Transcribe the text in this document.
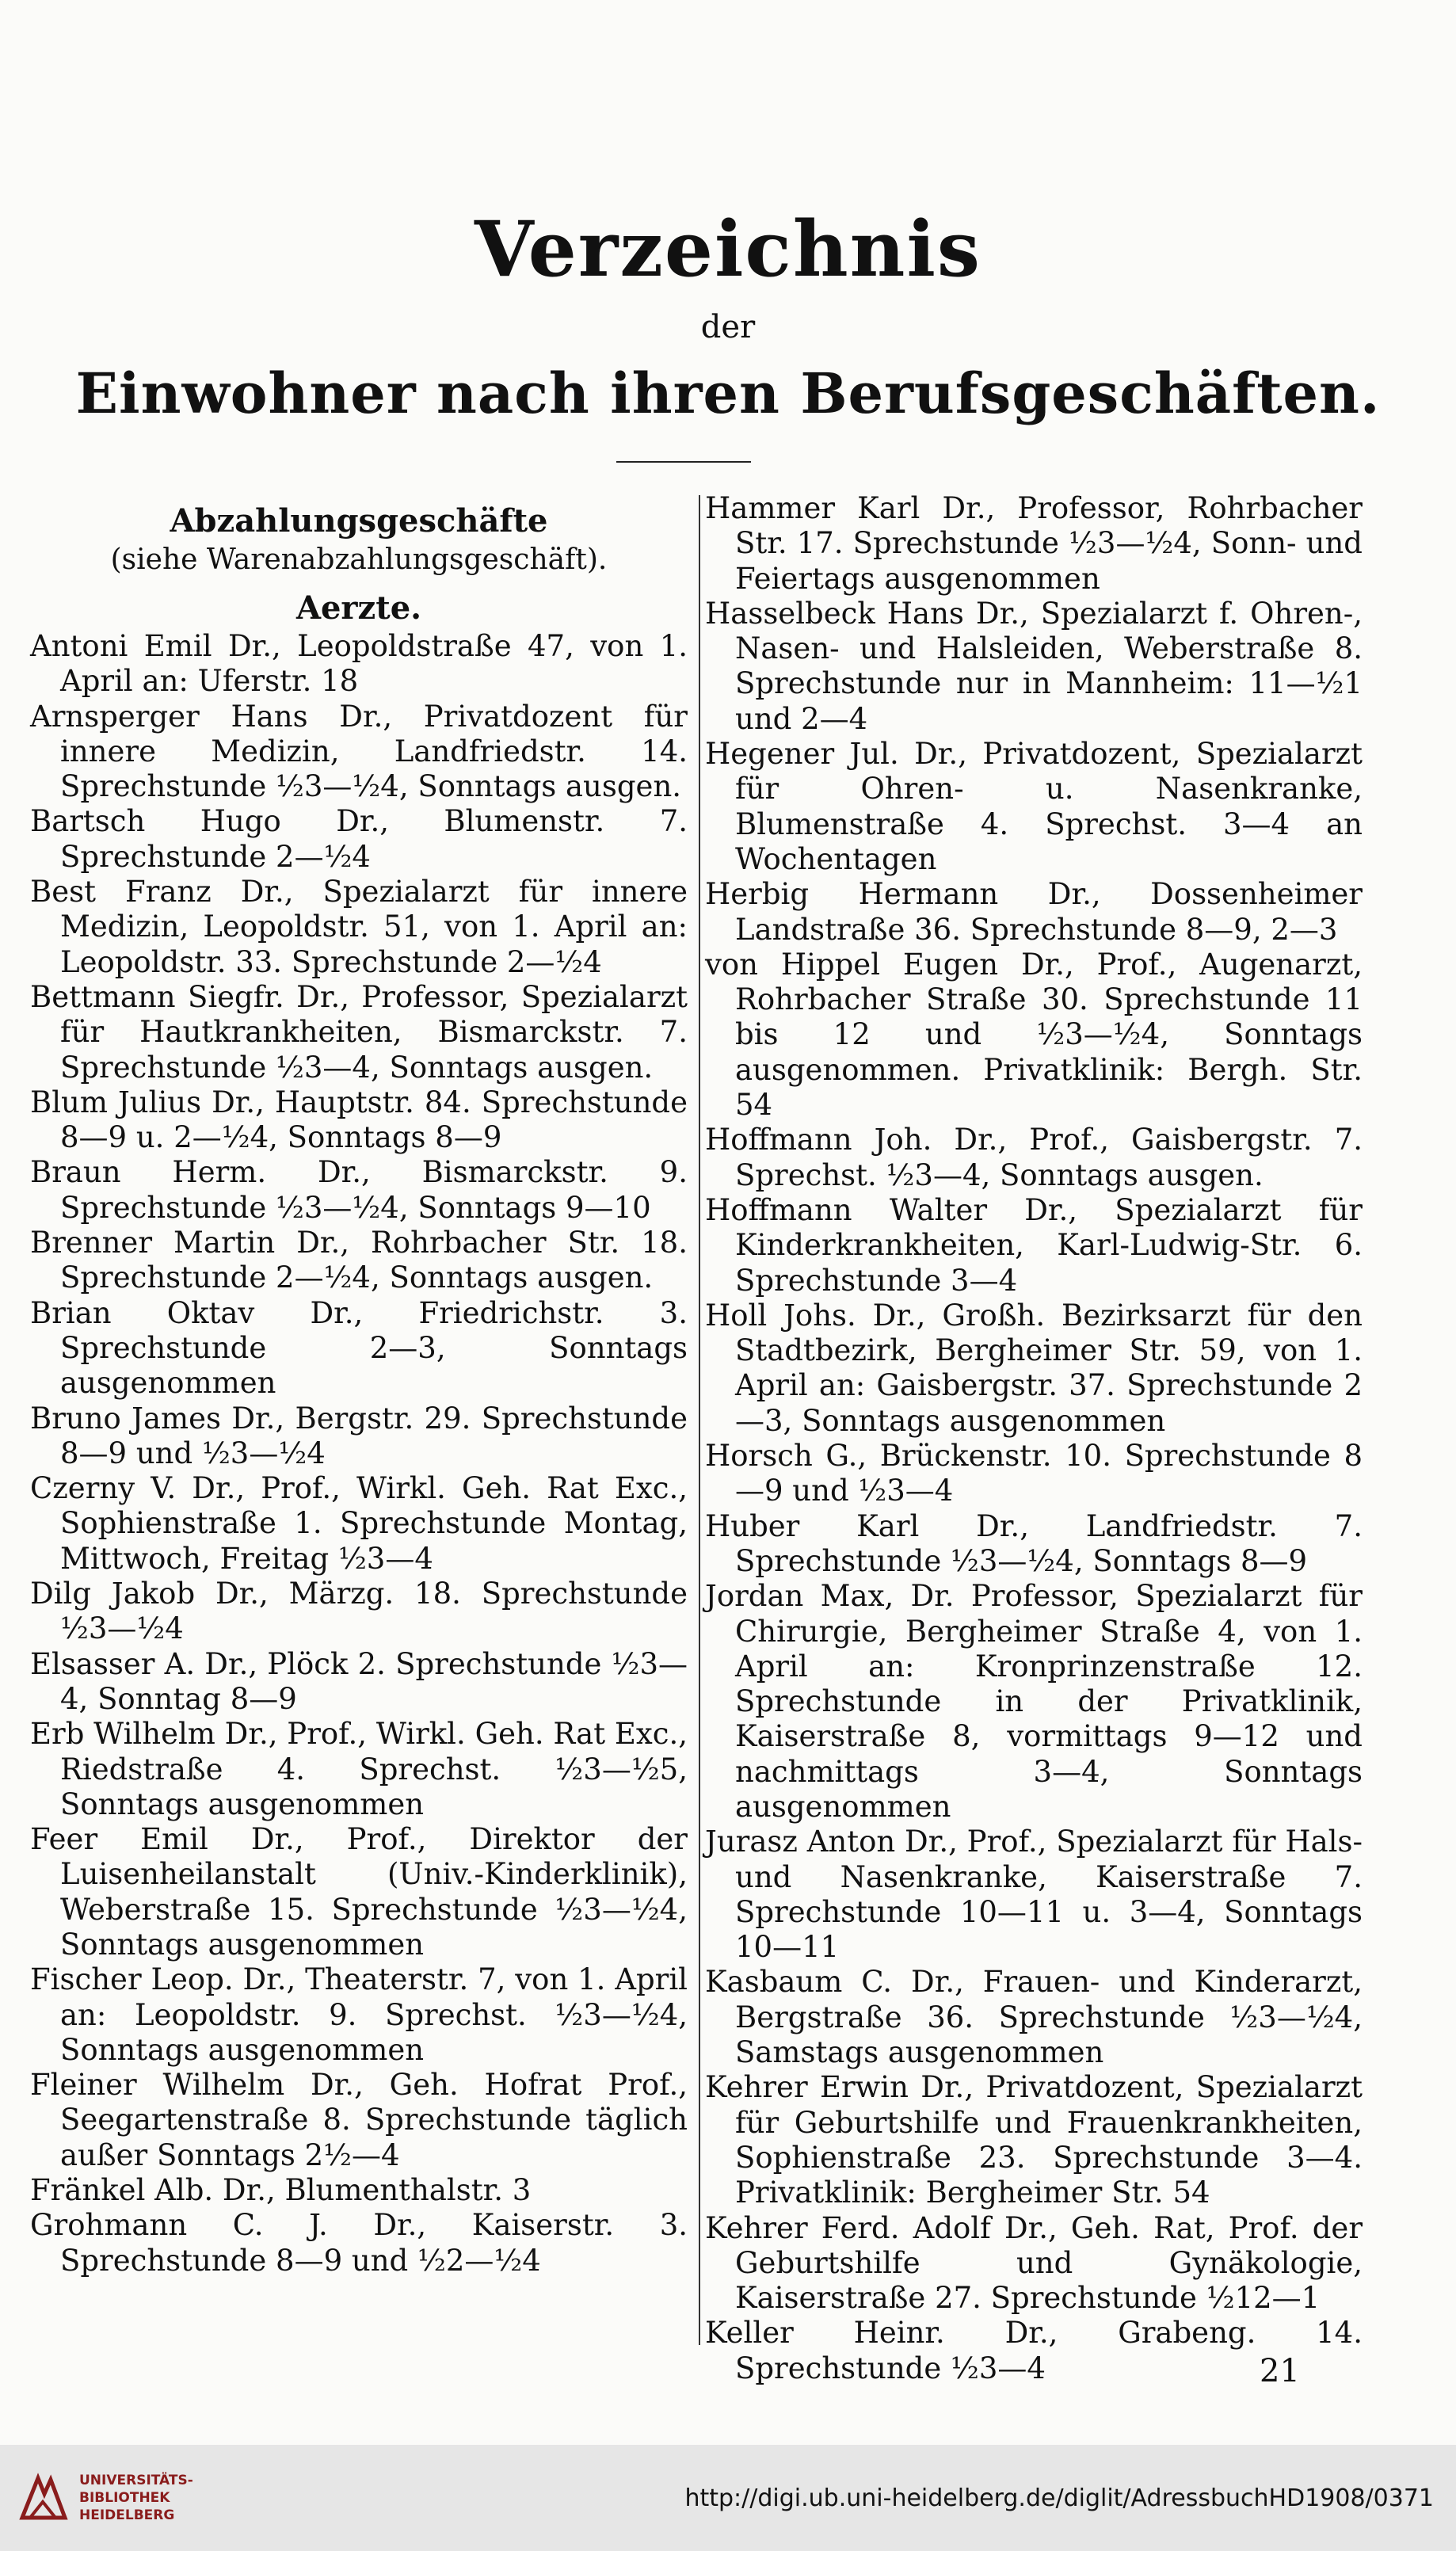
Verzeichnis
der
Einwohner nach ihren Berufsgeschäften.
Abzahlungsgeschäfte
(siehe Warenabzahlungsgeschäft).
Aerzte.
Antoni Emil Dr., Leopoldstraße 47, von 1. April an: Uferstr. 18
Arnsperger Hans Dr., Privatdozent für innere Medizin, Landfriedstr. 14. Sprechstunde ½3—½4, Sonntags ausgen.
Bartsch Hugo Dr., Blumenstr. 7. Sprechstunde 2—½4
Best Franz Dr., Spezialarzt für innere Medizin, Leopoldstr. 51, von 1. April an: Leopoldstr. 33. Sprechstunde 2—½4
Bettmann Siegfr. Dr., Professor, Spezialarzt für Hautkrankheiten, Bismarckstr. 7. Sprechstunde ½3—4, Sonntags ausgen.
Blum Julius Dr., Hauptstr. 84. Sprechstunde 8—9 u. 2—½4, Sonntags 8—9
Braun Herm. Dr., Bismarckstr. 9. Sprechstunde ½3—½4, Sonntags 9—10
Brenner Martin Dr., Rohrbacher Str. 18. Sprechstunde 2—½4, Sonntags ausgen.
Brian Oktav Dr., Friedrichstr. 3. Sprechstunde 2—3, Sonntags ausgenommen
Bruno James Dr., Bergstr. 29. Sprechstunde 8—9 und ½3—½4
Czerny V. Dr., Prof., Wirkl. Geh. Rat Exc., Sophienstraße 1. Sprechstunde Montag, Mittwoch, Freitag ½3—4
Dilg Jakob Dr., Märzg. 18. Sprechstunde ½3—½4
Elsasser A. Dr., Plöck 2. Sprechstunde ½3—4, Sonntag 8—9
Erb Wilhelm Dr., Prof., Wirkl. Geh. Rat Exc., Riedstraße 4. Sprechst. ½3—½5, Sonntags ausgenommen
Feer Emil Dr., Prof., Direktor der Luisenheilanstalt (Univ.-Kinderklinik), Weberstraße 15. Sprechstunde ½3—½4, Sonntags ausgenommen
Fischer Leop. Dr., Theaterstr. 7, von 1. April an: Leopoldstr. 9. Sprechst. ½3—½4, Sonntags ausgenommen
Fleiner Wilhelm Dr., Geh. Hofrat Prof., Seegartenstraße 8. Sprechstunde täglich außer Sonntags 2½—4
Fränkel Alb. Dr., Blumenthalstr. 3
Grohmann C. J. Dr., Kaiserstr. 3. Sprechstunde 8—9 und ½2—½4
Hammer Karl Dr., Professor, Rohrbacher Str. 17. Sprechstunde ½3—½4, Sonn- und Feiertags ausgenommen
Hasselbeck Hans Dr., Spezialarzt f. Ohren-, Nasen- und Halsleiden, Weberstraße 8. Sprechstunde nur in Mannheim: 11—½1 und 2—4
Hegener Jul. Dr., Privatdozent, Spezialarzt für Ohren- u. Nasenkranke, Blumenstraße 4. Sprechst. 3—4 an Wochentagen
Herbig Hermann Dr., Dossenheimer Landstraße 36. Sprechstunde 8—9, 2—3
von Hippel Eugen Dr., Prof., Augenarzt, Rohrbacher Straße 30. Sprechstunde 11 bis 12 und ½3—½4, Sonntags ausgenommen. Privatklinik: Bergh. Str. 54
Hoffmann Joh. Dr., Prof., Gaisbergstr. 7. Sprechst. ½3—4, Sonntags ausgen.
Hoffmann Walter Dr., Spezialarzt für Kinderkrankheiten, Karl-Ludwig-Str. 6. Sprechstunde 3—4
Holl Johs. Dr., Großh. Bezirksarzt für den Stadtbezirk, Bergheimer Str. 59, von 1. April an: Gaisbergstr. 37. Sprechstunde 2—3, Sonntags ausgenommen
Horsch G., Brückenstr. 10. Sprechstunde 8—9 und ½3—4
Huber Karl Dr., Landfriedstr. 7. Sprechstunde ½3—½4, Sonntags 8—9
Jordan Max, Dr. Professor, Spezialarzt für Chirurgie, Bergheimer Straße 4, von 1. April an: Kronprinzenstraße 12. Sprechstunde in der Privatklinik, Kaiserstraße 8, vormittags 9—12 und nachmittags 3—4, Sonntags ausgenommen
Jurasz Anton Dr., Prof., Spezialarzt für Hals- und Nasenkranke, Kaiserstraße 7. Sprechstunde 10—11 u. 3—4, Sonntags 10—11
Kasbaum C. Dr., Frauen- und Kinderarzt, Bergstraße 36. Sprechstunde ½3—½4, Samstags ausgenommen
Kehrer Erwin Dr., Privatdozent, Spezialarzt für Geburtshilfe und Frauenkrankheiten, Sophienstraße 23. Sprechstunde 3—4. Privatklinik: Bergheimer Str. 54
Kehrer Ferd. Adolf Dr., Geh. Rat, Prof. der Geburtshilfe und Gynäkologie, Kaiserstraße 27. Sprechstunde ½12—1
Keller Heinr. Dr., Grabeng. 14. Sprechstunde ½3—4	21
UNIVERSITÄTS-
BIBLIOTHEK
HEIDELBERG
http://digi.ub.uni-heidelberg.de/diglit/AdressbuchHD1908/0371
